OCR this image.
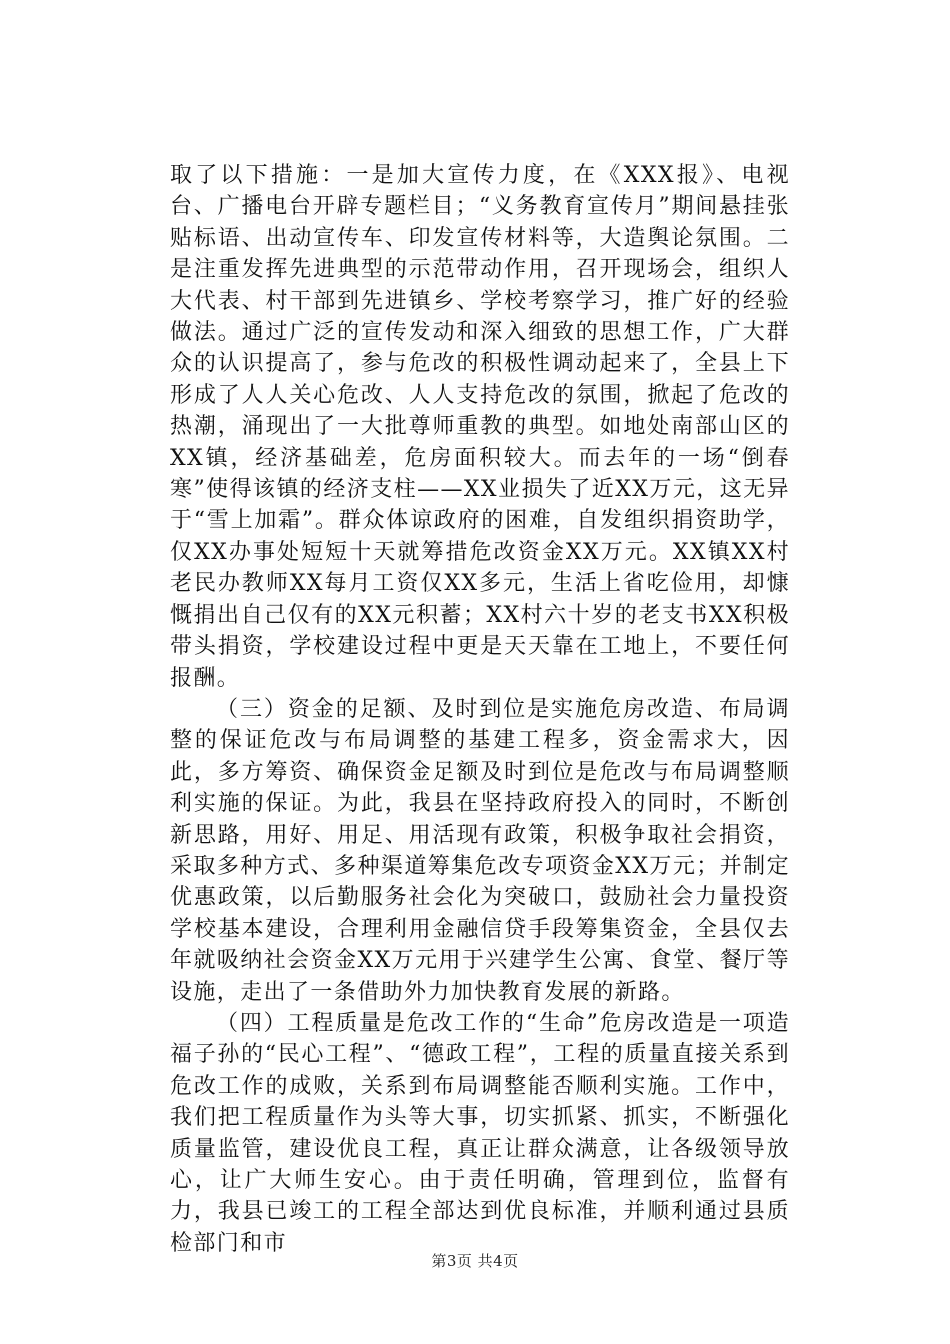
取了以下措施：一是加大宣传力度，在《XXX报》、电视台、广播电台开辟专题栏目；“义务教育宣传月”期间悬挂张贴标语、出动宣传车、印发宣传材料等，大造舆论氛围。二是注重发挥先进典型的示范带动作用，召开现场会，组织人大代表、村干部到先进镇乡、学校考察学习，推广好的经验做法。通过广泛的宣传发动和深入细致的思想工作，广大群众的认识提高了，参与危改的积极性调动起来了，全县上下形成了人人关心危改、人人支持危改的氛围，掀起了危改的热潮，涌现出了一大批尊师重教的典型。如地处南部山区的XX镇，经济基础差，危房面积较大。而去年的一场“倒春寒”使得该镇的经济支柱——XX业损失了近XX万元，这无异于“雪上加霜”。群众体谅政府的困难，自发组织捐资助学，仅XX办事处短短十天就筹措危改资金XX万元。XX镇XX村老民办教师XX每月工资仅XX多元，生活上省吃俭用，却慷慨捐出自己仅有的XX元积蓄；XX村六十岁的老支书XX积极带头捐资，学校建设过程中更是天天靠在工地上，不要任何报酬。

（三）资金的足额、及时到位是实施危房改造、布局调整的保证危改与布局调整的基建工程多，资金需求大，因此，多方筹资、确保资金足额及时到位是危改与布局调整顺利实施的保证。为此，我县在坚持政府投入的同时，不断创新思路，用好、用足、用活现有政策，积极争取社会捐资，采取多种方式、多种渠道筹集危改专项资金XX万元；并制定优惠政策，以后勤服务社会化为突破口，鼓励社会力量投资学校基本建设，合理利用金融信贷手段筹集资金，全县仅去年就吸纳社会资金XX万元用于兴建学生公寓、食堂、餐厅等设施，走出了一条借助外力加快教育发展的新路。

（四）工程质量是危改工作的“生命”危房改造是一项造福子孙的“民心工程”、“德政工程”，工程的质量直接关系到危改工作的成败，关系到布局调整能否顺利实施。工作中，我们把工程质量作为头等大事，切实抓紧、抓实，不断强化质量监管，建设优良工程，真正让群众满意，让各级领导放心，让广大师生安心。由于责任明确，管理到位，监督有力，我县已竣工的工程全部达到优良标准，并顺利通过县质检部门和市

第3页 共4页
